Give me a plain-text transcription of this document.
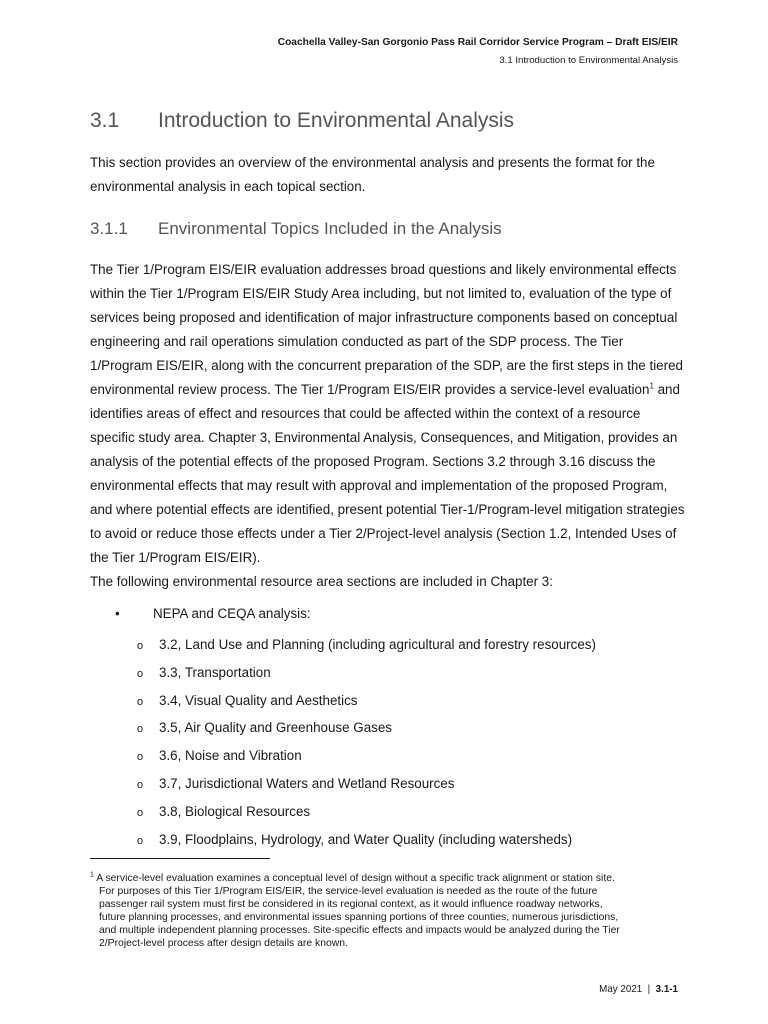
Coachella Valley-San Gorgonio Pass Rail Corridor Service Program – Draft EIS/EIR
3.1 Introduction to Environmental Analysis
3.1 Introduction to Environmental Analysis
This section provides an overview of the environmental analysis and presents the format for the
environmental analysis in each topical section.
3.1.1 Environmental Topics Included in the Analysis
The Tier 1/Program EIS/EIR evaluation addresses broad questions and likely environmental effects
within the Tier 1/Program EIS/EIR Study Area including, but not limited to, evaluation of the type of
services being proposed and identification of major infrastructure components based on conceptual
engineering and rail operations simulation conducted as part of the SDP process. The Tier
1/Program EIS/EIR, along with the concurrent preparation of the SDP, are the first steps in the tiered
environmental review process. The Tier 1/Program EIS/EIR provides a service-level evaluation$^1$ and
identifies areas of effect and resources that could be affected within the context of a resource
specific study area. Chapter 3, Environmental Analysis, Consequences, and Mitigation, provides an
analysis of the potential effects of the proposed Program. Sections 3.2 through 3.16 discuss the
environmental effects that may result with approval and implementation of the proposed Program,
and where potential effects are identified, present potential Tier-1/Program-level mitigation strategies
to avoid or reduce those effects under a Tier 2/Project-level analysis (Section 1.2, Intended Uses of
the Tier 1/Program EIS/EIR).
The following environmental resource area sections are included in Chapter 3:
• NEPA and CEQA analysis:
o 3.2, Land Use and Planning (including agricultural and forestry resources)
o 3.3, Transportation
o 3.4, Visual Quality and Aesthetics
o 3.5, Air Quality and Greenhouse Gases
o 3.6, Noise and Vibration
o 3.7, Jurisdictional Waters and Wetland Resources
o 3.8, Biological Resources
o 3.9, Floodplains, Hydrology, and Water Quality (including watersheds)
$^1$ A service-level evaluation examines a conceptual level of design without a specific track alignment or station site.
For purposes of this Tier 1/Program EIS/EIR, the service-level evaluation is needed as the route of the future
passenger rail system must first be considered in its regional context, as it would influence roadway networks,
future planning processes, and environmental issues spanning portions of three counties, numerous jurisdictions,
and multiple independent planning processes. Site-specific effects and impacts would be analyzed during the Tier
2/Project-level process after design details are known.
May 2021 | 3.1-1
